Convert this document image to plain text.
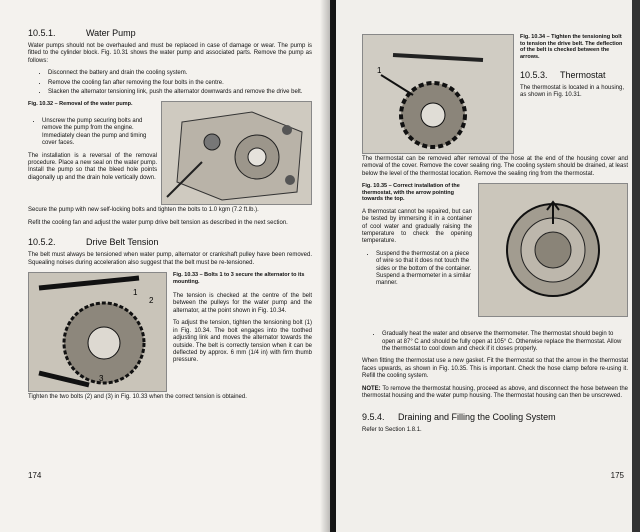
10.5.1.	Water Pump
Water pumps should not be overhauled and must be replaced in case of damage or wear. The pump is fitted to the cylinder block. Fig. 10.31 shows the water pump and associated parts. Remove the pump as follows:
• Disconnect the battery and drain the cooling system.
• Remove the cooling fan after removing the four bolts in the centre.
• Slacken the alternator tensioning link, push the alternator downwards and remove the drive belt.
Fig. 10.32 – Removal of the water pump.
• Unscrew the pump securing bolts and remove the pump from the engine. Immediately clean the pump and timing cover faces.
The installation is a reversal of the removal procedure. Place a new seal on the water pump. Install the pump so that the bleed hole points diagonally up and the drain hole vertically down.
Secure the pump with new self-locking bolts and tighten the bolts to 1.0 kgm (7.2 ft.lb.).
Refit the cooling fan and adjust the water pump drive belt tension as described in the next section.
10.5.2.	Drive Belt Tension
The belt must always be tensioned when water pump, alternator or crankshaft pulley have been removed. Squealing noises during acceleration also suggest that the belt must be re-tensioned.
1
2
3
Fig. 10.33 – Bolts 1 to 3 secure the alternator to its mounting.
The tension is checked at the centre of the belt between the pulleys for the water pump and the alternator, at the point shown in Fig. 10.34.
To adjust the tension, tighten the tensioning bolt (1) in Fig. 10.34. The bolt engages into the toothed adjusting link and moves the alternator towards the outside. The belt is correctly tension when it can be deflected by approx. 6 mm (1/4 in) with firm thumb pressure.
Tighten the two bolts (2) and (3) in Fig. 10.33 when the correct tension is obtained.
174
1
Fig. 10.34 – Tighten the tensioning bolt to tension the drive belt. The deflection of the belt is checked between the arrows.
10.5.3. Thermostat
The thermostat is located in a housing, as shown in Fig. 10.31.
The thermostat can be removed after removal of the hose at the end of the housing cover and removal of the cover. Remove the cover sealing ring. The cooling system should be drained, at least below the level of the thermostat location. Remove the sealing ring from the thermostat.
Fig. 10.35 – Correct installation of the thermostat, with the arrow pointing towards the top.
A thermostat cannot be repaired, but can be tested by immersing it in a container of cool water and gradually raising the temperature to check the opening temperature.
• Suspend the thermostat on a piece of wire so that it does not touch the sides or the bottom of the container. Suspend a thermometer in a similar manner.
• Gradually heat the water and observe the thermometer. The thermostat should begin to open at 87° C and should be fully open at 105° C. Otherwise replace the thermostat. Allow the thermostat to cool down and check if it closes properly.
When fitting the thermostat use a new gasket. Fit the thermostat so that the arrow in the thermostat faces upwards, as shown in Fig. 10.35. This is important. Check the hose clamp before re-using it. Refill the cooling system.
NOTE: To remove the thermostat housing, proceed as above, and disconnect the hose between the thermostat housing and the water pump housing. The thermostat housing can then be unscrewed.
9.5.4. Draining and Filling the Cooling System
Refer to Section 1.8.1.
175
